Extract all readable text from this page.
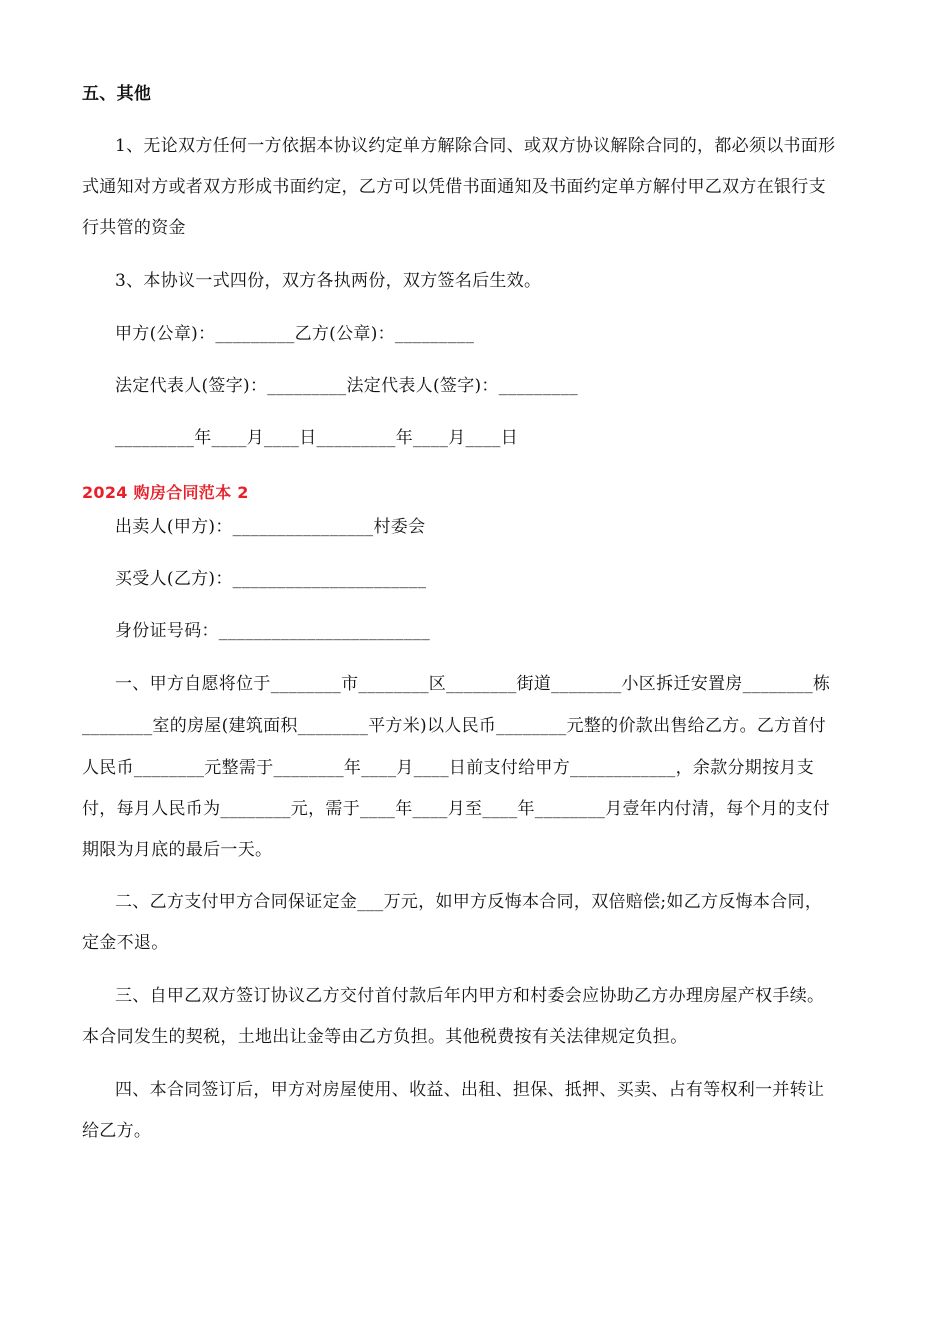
五、其他
1、无论双方任何一方依据本协议约定单方解除合同、或双方协议解除合同的，都必须以书面形
式通知对方或者双方形成书面约定，乙方可以凭借书面通知及书面约定单方解付甲乙双方在银行支
行共管的资金
3、本协议一式四份，双方各执两份，双方签名后生效。
甲方(公章)：_________乙方(公章)：_________
法定代表人(签字)：_________法定代表人(签字)：_________
_________年____月____日_________年____月____日
2024 购房合同范本 2
出卖人(甲方)：________________村委会
买受人(乙方)：______________________
身份证号码：________________________
一、甲方自愿将位于________市________区________街道________小区拆迁安置房________栋
________室的房屋(建筑面积________平方米)以人民币________元整的价款出售给乙方。乙方首付
人民币________元整需于________年____月____日前支付给甲方____________，余款分期按月支
付，每月人民币为________元，需于____年____月至____年________月壹年内付清，每个月的支付
期限为月底的最后一天。
二、乙方支付甲方合同保证定金___万元，如甲方反悔本合同，双倍赔偿;如乙方反悔本合同，
定金不退。
三、自甲乙双方签订协议乙方交付首付款后年内甲方和村委会应协助乙方办理房屋产权手续。
本合同发生的契税，土地出让金等由乙方负担。其他税费按有关法律规定负担。
四、本合同签订后，甲方对房屋使用、收益、出租、担保、抵押、买卖、占有等权利一并转让
给乙方。
